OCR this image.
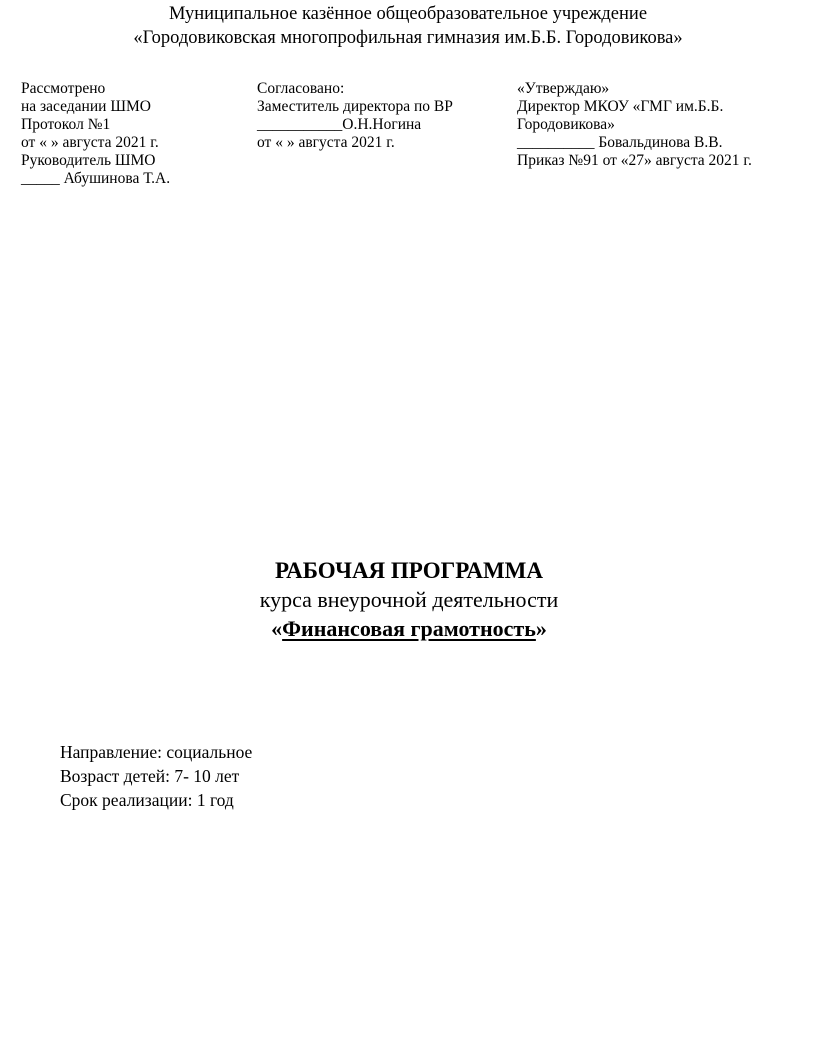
Муниципальное казённое общеобразовательное учреждение
«Городовиковская многопрофильная гимназия им.Б.Б. Городовикова»
Рассмотрено
на заседании ШМО
Протокол №1
от « » августа 2021 г.
Руководитель ШМО
_____ Абушинова Т.А.
Согласовано:
Заместитель директора по ВР
___________О.Н.Ногина
от « » августа 2021 г.
«Утверждаю»
Директор МКОУ «ГМГ им.Б.Б.
Городовикова»
__________ Бовальдинова В.В.
Приказ №91 от «27» августа 2021 г.
РАБОЧАЯ ПРОГРАММА
курса внеурочной деятельности
«Финансовая грамотность»
Направление: социальное
Возраст детей: 7- 10 лет
Срок реализации: 1 год
